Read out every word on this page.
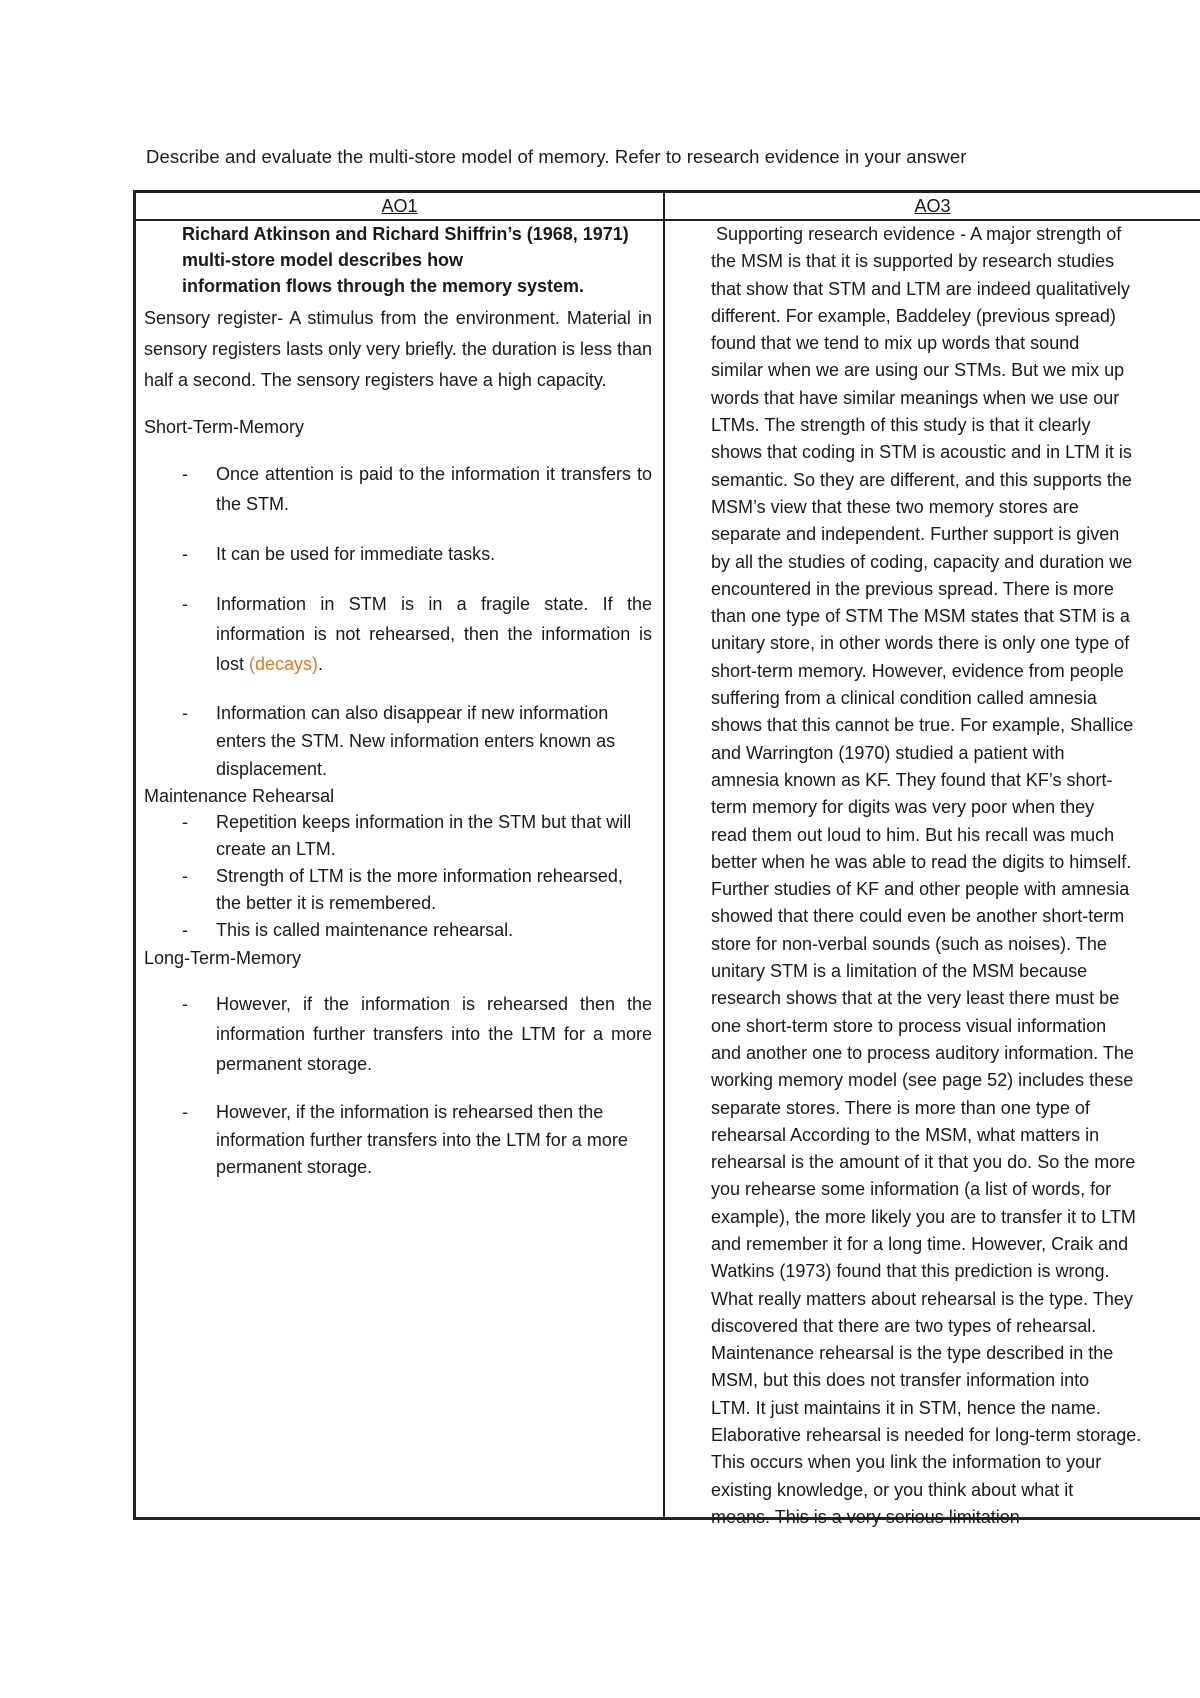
Describe and evaluate the multi-store model of memory. Refer to research evidence in your answer
AO1	AO3
Richard Atkinson and Richard Shiffrin’s (1968, 1971)
multi-store model describes how
information flows through the memory system.

Sensory register- A stimulus from the environment. Material in sensory registers lasts only very briefly. the duration is less than half a second. The sensory registers have a high capacity.

Short-Term-Memory

- Once attention is paid to the information it transfers to the STM.
- It can be used for immediate tasks.
- Information in STM is in a fragile state. If the information is not rehearsed, then the information is lost (decays).
- Information can also disappear if new information enters the STM. New information enters known as displacement.

Maintenance Rehearsal

- Repetition keeps information in the STM but that will create an LTM.
- Strength of LTM is the more information rehearsed, the better it is remembered.
- This is called maintenance rehearsal.

Long-Term-Memory

- However, if the information is rehearsed then the information further transfers into the LTM for a more permanent storage.
- However, if the information is rehearsed then the information further transfers into the LTM for a more permanent storage.
Supporting research evidence - A major strength of
the MSM is that it is supported by research studies
that show that STM and LTM are indeed qualitatively
different. For example, Baddeley (previous spread)
found that we tend to mix up words that sound
similar when we are using our STMs. But we mix up
words that have similar meanings when we use our
LTMs. The strength of this study is that it clearly
shows that coding in STM is acoustic and in LTM it is
semantic. So they are different, and this supports the
MSM’s view that these two memory stores are
separate and independent. Further support is given
by all the studies of coding, capacity and duration we
encountered in the previous spread. There is more
than one type of STM The MSM states that STM is a
unitary store, in other words there is only one type of
short-term memory. However, evidence from people
suffering from a clinical condition called amnesia
shows that this cannot be true. For example, Shallice
and Warrington (1970) studied a patient with
amnesia known as KF. They found that KF’s short-
term memory for digits was very poor when they
read them out loud to him. But his recall was much
better when he was able to read the digits to himself.
Further studies of KF and other people with amnesia
showed that there could even be another short-term
store for non-verbal sounds (such as noises). The
unitary STM is a limitation of the MSM because
research shows that at the very least there must be
one short-term store to process visual information
and another one to process auditory information. The
working memory model (see page 52) includes these
separate stores. There is more than one type of
rehearsal According to the MSM, what matters in
rehearsal is the amount of it that you do. So the more
you rehearse some information (a list of words, for
example), the more likely you are to transfer it to LTM
and remember it for a long time. However, Craik and
Watkins (1973) found that this prediction is wrong.
What really matters about rehearsal is the type. They
discovered that there are two types of rehearsal.
Maintenance rehearsal is the type described in the
MSM, but this does not transfer information into
LTM. It just maintains it in STM, hence the name.
Elaborative rehearsal is needed for long-term storage.
This occurs when you link the information to your
existing knowledge, or you think about what it
means. This is a very serious limitation
